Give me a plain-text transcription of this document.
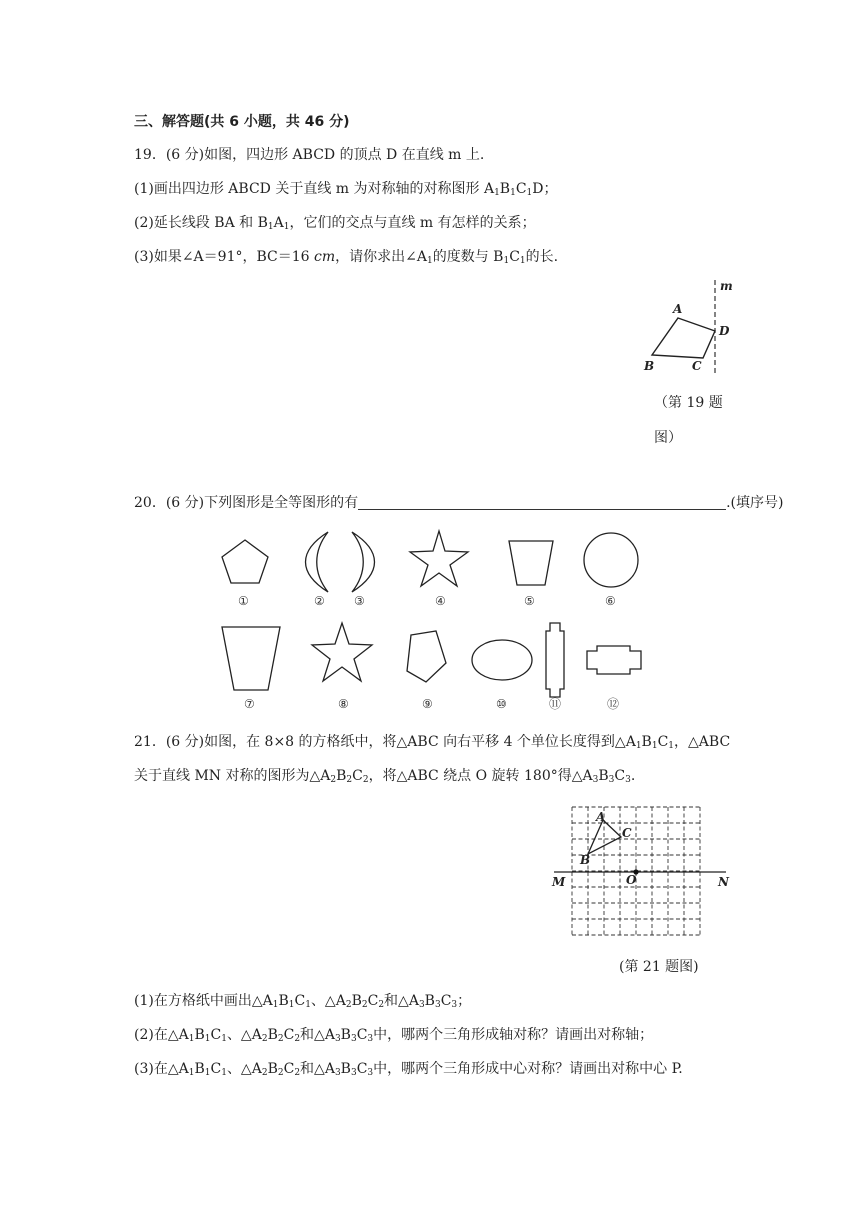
三、解答题(共 6 小题，共 46 分)
19．(6 分)如图，四边形 ABCD 的顶点 D 在直线 m 上.
(1)画出四边形 ABCD 关于直线 m 为对称轴的对称图形 $A_1B_1C_1D$；
(2)延长线段 BA 和 $B_1A_1$，它们的交点与直线 m 有怎样的关系；
(3)如果∠A＝91°，BC＝16 cm，请你求出$\angle A_1$的度数与 $B_1C_1$的长.
m
A
D
B	C
（第 19 题
图）
20．(6 分)下列图形是全等图形的有	.(填序号)
①	② ③	④	⑤	⑥
⑦	⑧	⑨	⑩	⑪	⑫
21．(6 分)如图，在 8×8 的方格纸中，将△ABC 向右平移 4 个单位长度得到$\triangle A_1B_1C_1$，△ABC
关于直线 MN 对称的图形为$\triangle A_2B_2C_2$，将△ABC 绕点 O 旋转 180°得$\triangle A_3B_3C_3$.
A
C
B
O
M	N
(第 21 题图)
(1)在方格纸中画出$\triangle A_1B_1C_1$、$\triangle A_2B_2C_2$和$\triangle A_3B_3C_3$；
(2)在$\triangle A_1B_1C_1$、$\triangle A_2B_2C_2$和$\triangle A_3B_3C_3$中，哪两个三角形成轴对称？请画出对称轴；
(3)在$\triangle A_1B_1C_1$、$\triangle A_2B_2C_2$和$\triangle A_3B_3C_3$中，哪两个三角形成中心对称？请画出对称中心 P.
